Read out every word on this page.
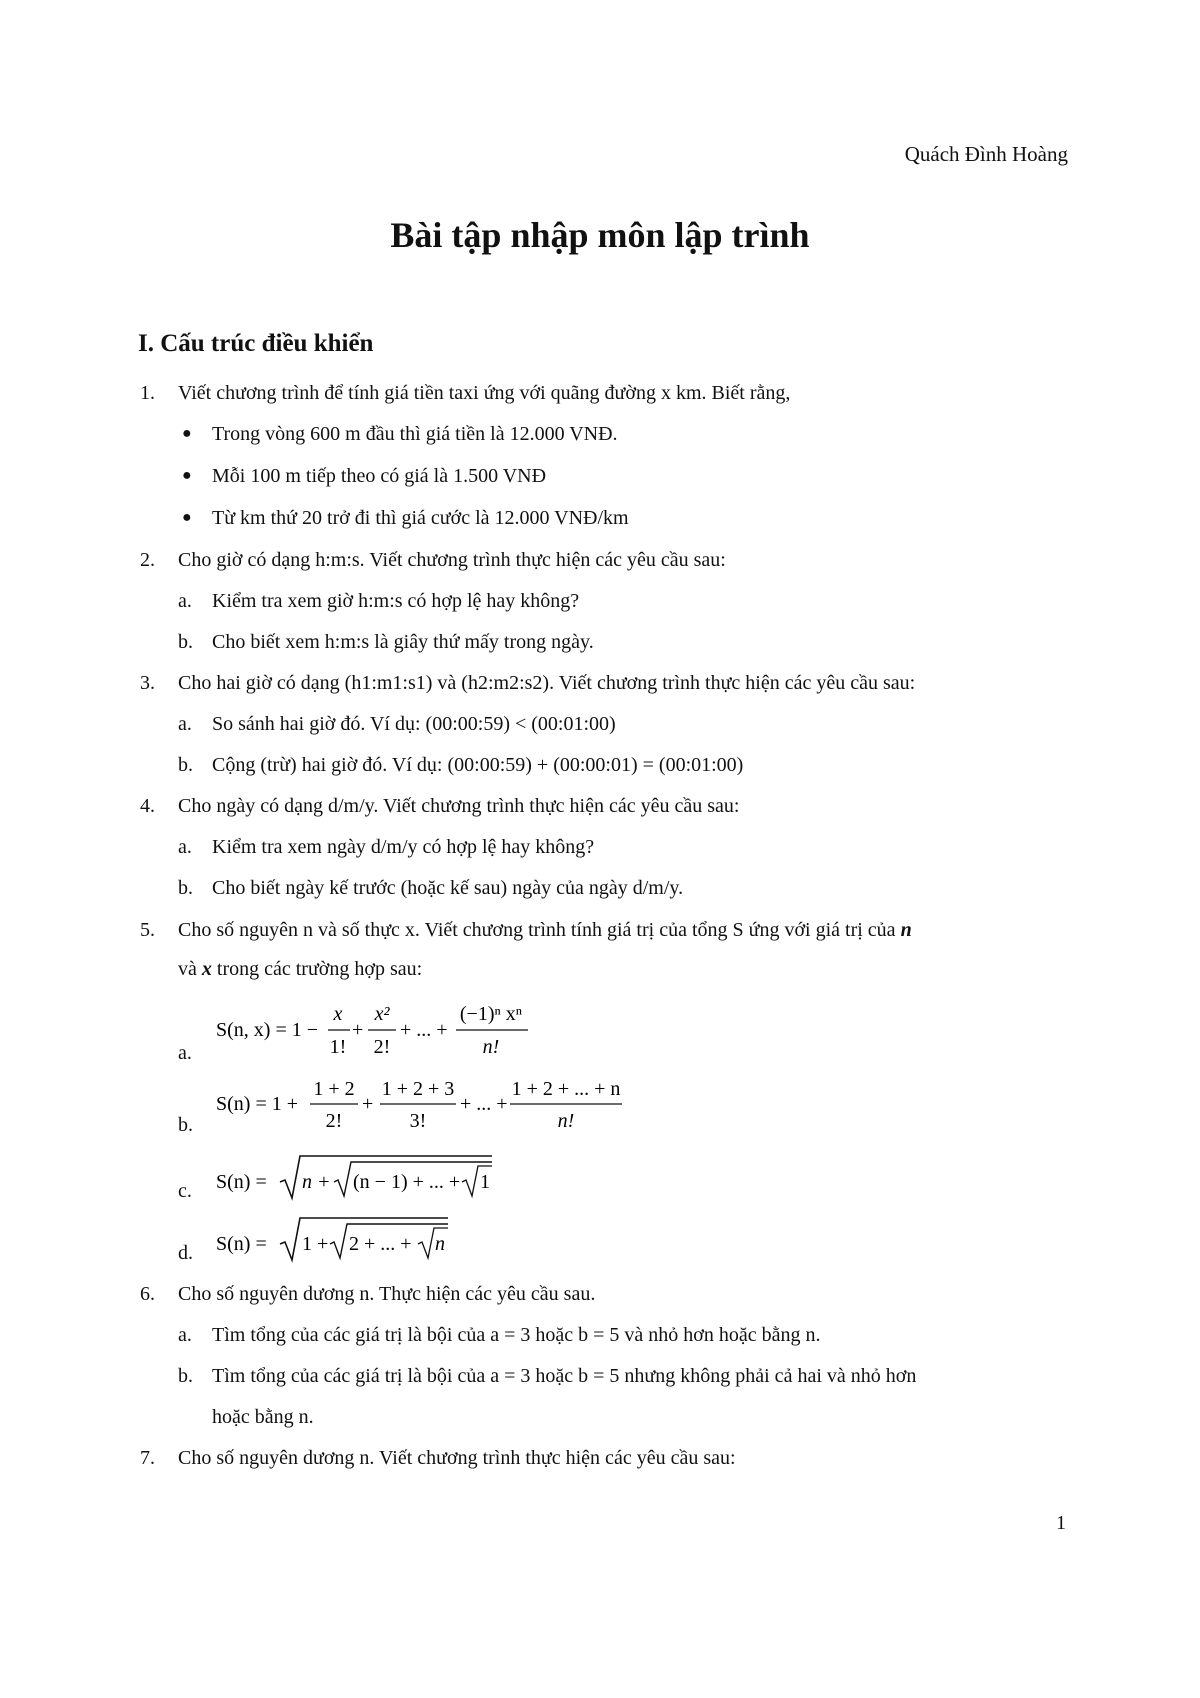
Quách Đình Hoàng
Bài tập nhập môn lập trình
I. Cấu trúc điều khiển
1. Viết chương trình để tính giá tiền taxi ứng với quãng đường x km. Biết rằng,
● Trong vòng 600 m đầu thì giá tiền là 12.000 VNĐ.
● Mỗi 100 m tiếp theo có giá là 1.500 VNĐ
● Từ km thứ 20 trở đi thì giá cước là 12.000 VNĐ/km
2. Cho giờ có dạng h:m:s. Viết chương trình thực hiện các yêu cầu sau:
a. Kiểm tra xem giờ h:m:s có hợp lệ hay không?
b. Cho biết xem h:m:s là giây thứ mấy trong ngày.
3. Cho hai giờ có dạng (h1:m1:s1) và (h2:m2:s2). Viết chương trình thực hiện các yêu cầu sau:
a. So sánh hai giờ đó. Ví dụ: (00:00:59) < (00:01:00)
b. Cộng (trừ) hai giờ đó. Ví dụ: (00:00:59) + (00:00:01) = (00:01:00)
4. Cho ngày có dạng d/m/y. Viết chương trình thực hiện các yêu cầu sau:
a. Kiểm tra xem ngày d/m/y có hợp lệ hay không?
b. Cho biết ngày kế trước (hoặc kế sau) ngày của ngày d/m/y.
5. Cho số nguyên n và số thực x. Viết chương trình tính giá trị của tổng S ứng với giá trị của n
và x trong các trường hợp sau:
a.
b.
c.
d.
S(n, x) = 1 −
x
1!
+
x²
2!
+ ... +
(−1)ⁿ xⁿ
n!
S(n) = 1 +
1 + 2
2!
+
1 + 2 + 3
3!
+ ... +
1 + 2 + ... + n
n!
S(n) = n + (n − 1) + ... + 1
S(n) = 1 + 2 + ... + n
6. Cho số nguyên dương n. Thực hiện các yêu cầu sau.
a. Tìm tổng của các giá trị là bội của a = 3 hoặc b = 5 và nhỏ hơn hoặc bằng n.
b. Tìm tổng của các giá trị là bội của a = 3 hoặc b = 5 nhưng không phải cả hai và nhỏ hơn
hoặc bằng n.
7. Cho số nguyên dương n. Viết chương trình thực hiện các yêu cầu sau:
1
